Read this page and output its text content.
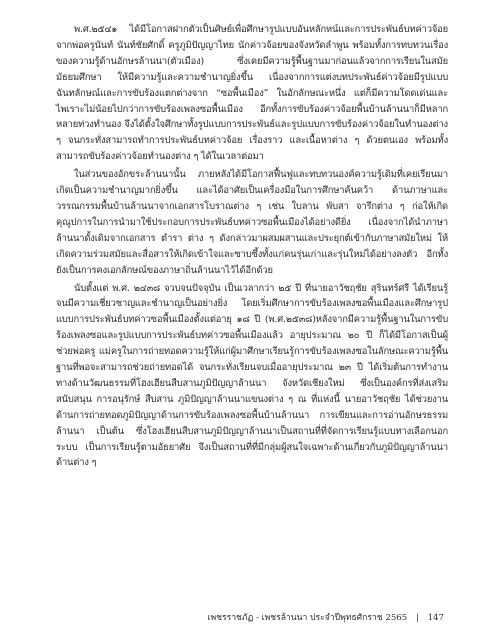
พ.ศ.๒๕๔๑ ได้มีโอกาสฝากตัวเป็นศิษย์เพื่อศึกษารูปแบบอันหลักหน์และการประพันธ์บทค่าวจ้อยจากพ่อครูนันท์ นันท์ชัยศักดิ์ ครูภูมิปัญญาไทย นักค่าวจ้อยของจังหวัดลำพูน พร้อมทั้งการทบทวนเรื่องของความรู้ด้านอักษรล้านนา(ตัวเมือง) ซึ่งเคยมีความรู้พื้นฐานมาก่อนแล้วจากการเรียนในสมัยมัธยมศึกษา ให้มีความรู้และความชำนาญยิ่งขึ้น เนื่องจากการแต่งบทประพันธ์ค่าวจ้อยมีรูปแบบฉันทลักษณ์และการขับร้องแตกต่างจาก “ซอพื้นเมือง” ในอักลักษณะหนึ่ง แต่ก็มีความโดดเด่นและไพเราะไม่น้อยไปกว่าการขับร้องเพลงซอพื้นเมือง อีกทั้งการขับร้องค่าวจ้อยพื้นบ้านล้านนาก็มีหลากหลายท่วงทำนอง จึงได้ตั้งใจศึกษาทั้งรูปแบบการประพันธ์และรูปแบบการขับร้องค่าวจ้อยในทำนองต่าง ๆ จนกระทั่งสามารถทำการประพันธ์บทค่าวจ้อย เรื่องราว และเนื้อหาต่าง ๆ ด้วยตนเอง พร้อมทั้งสามารถขับร้องค่าวจ้อยทำนองต่าง ๆ ได้ในเวลาต่อมา

ในส่วนของอักขระล้านนานั้น ภายหลังได้มีโอกาสฟื้นฟูและทบทวนองค์ความรู้เดิมที่เคยเรียนมา เกิดเป็นความชำนาญมากยิ่งขึ้น และได้อาศัยเป็นเครื่องมือในการศึกษาค้นคว้า ด้านภาษาและวรรณกรรมพื้นบ้านล้านนาจากเอกสารโบราณต่าง ๆ เช่น ใบลาน พับสา จารึกต่าง ๆ ก่อให้เกิดคุณูปการในการนำมาใช้ประกอบการประพันธ์บทค่าวซอพื้นเมืองได้อย่างดียิ่ง เนื่องจากได้นำภาษาล้านนาดั้งเดิมจากเอกสาร ตำรา ต่าง ๆ ดังกล่าวมาผสมผสานและประยุกต์เข้ากับภาษาสมัยใหม่ ให้เกิดความร่วมสมัยและสื่อสารให้เกิดเข้าใจและซาบซึ้งทั้งแก่คนรุ่นเก่าและรุ่นใหม่ได้อย่างลงตัว อีกทั้งยังเป็นการคงเอกลักษณ์ของภาษาถิ่นล้านนาไว้ได้อีกด้วย

นับตั้งแต่ พ.ศ. ๒๔๓๘ จวบจนปัจจุบัน เป็นเวลากว่า ๒๕ ปี ที่นายอาวัชฤชัย สุรินทร์ศรี ได้เรียนรู้จนมีความเชี่ยวชาญและชำนาญเป็นอย่างยิ่ง โดยเริ่มศึกษาการขับร้องเพลงซอพื้นเมืองและศึกษารูปแบบการประพันธ์บทค่าวซอพื้นเมืองตั้งแต่อายุ ๑๘ ปี (พ.ศ.๒๕๓๘)หลังจากมีความรู้พื้นฐานในการขับร้องเพลงซอและรูปแบบการประพันธ์บทค่าวซอพื้นเมืองแล้ว อายุประมาณ ๒๐ ปี ก็ได้มีโอกาสเป็นผู้ช่วยพ่อครู แม่ครูในการถ่ายทอดความรู้ให้แก่ผู้มาศึกษาเรียนรู้การขับร้องเพลงซอในลักษณะความรู้พื้นฐานที่พอจะสามารถช่วยถ่ายทอดได้ จนกระทั่งเรียนจบเมื่ออายุประมาณ ๒๓ ปี ได้เริ่มต้นการทำงานทางด้านวัฒนธรรมที่โฮงเฮียนสืบสานภูมิปัญญาล้านนา จังหวัดเชียงใหม่ ซึ่งเป็นองค์กรที่ส่งเสริม สนับสนุน การอนุรักษ์ สืบสาน ภูมิปัญญาล้านนาแขนงต่าง ๆ ณ ที่แห่งนี้ นายอาวัชฤชัย ได้ช่วยงานด้านการถ่ายทอดภูมิปัญญาด้านการขับร้องเพลงซอพื้นบ้านล้านนา การเขียนและการอ่านอักษรธรรมล้านนา เป็นต้น ซึ่งโฮงเฮียนสืบสานภูมิปัญญาล้านนาเป็นสถานที่ที่จัดการเรียนรู้แบบทางเลือกนอกระบบ เป็นการเรียนรู้ตามอัธยาศัย จึงเป็นสถานที่ที่มีกลุ่มผู้สนใจเฉพาะด้านเกี่ยวกับภูมิปัญญาล้านนาด้านต่าง ๆ

เพชรราชภัฏ - เพชรล้านนา ประจำปีพุทธศักราช 2565 | 147
